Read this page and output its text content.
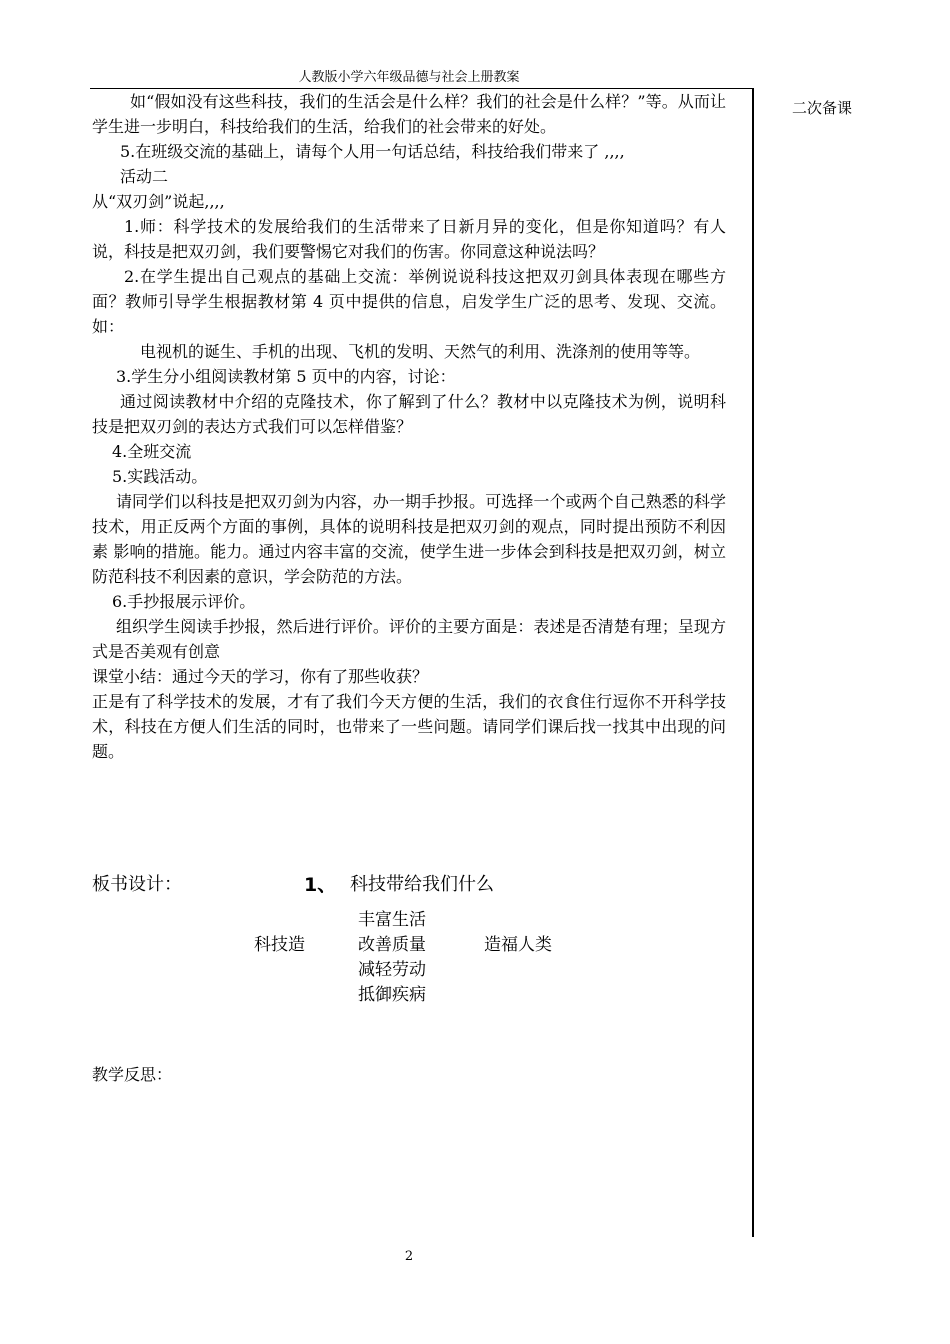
人教版小学六年级品德与社会上册教案
二次备课

如“假如没有这些科技，我们的生活会是什么样？我们的社会是什么样？”等。从而让学生进一步明白，科技给我们的生活，给我们的社会带来的好处。

5.在班级交流的基础上，请每个人用一句话总结，科技给我们带来了 ,,,,

活动二

从“双刃剑”说起,,,,

1.师：科学技术的发展给我们的生活带来了日新月异的变化，但是你知道吗？有人说，科技是把双刃剑，我们要警惕它对我们的伤害。你同意这种说法吗？

2.在学生提出自己观点的基础上交流：举例说说科技这把双刃剑具体表现在哪些方面？教师引导学生根据教材第 4 页中提供的信息，启发学生广泛的思考、发现、交流。如：

电视机的诞生、手机的出现、飞机的发明、天然气的利用、洗涤剂的使用等等。

3.学生分小组阅读教材第 5 页中的内容，讨论：

通过阅读教材中介绍的克隆技术，你了解到了什么？教材中以克隆技术为例，说明科技是把双刃剑的表达方式我们可以怎样借鉴？

4.全班交流

5.实践活动。

请同学们以科技是把双刃剑为内容，办一期手抄报。可选择一个或两个自己熟悉的科学技术，用正反两个方面的事例，具体的说明科技是把双刃剑的观点，同时提出预防不利因素 影响的措施。能力。通过内容丰富的交流，使学生进一步体会到科技是把双刃剑，树立防范科技不利因素的意识，学会防范的方法。

6.手抄报展示评价。

组织学生阅读手抄报，然后进行评价。评价的主要方面是：表述是否清楚有理；呈现方式是否美观有创意

课堂小结：通过今天的学习，你有了那些收获？

正是有了科学技术的发展，才有了我们今天方便的生活，我们的衣食住行逗你不开科学技术，科技在方便人们生活的同时，也带来了一些问题。请同学们课后找一找其中出现的问题。

板书设计：	1、 科技带给我们什么
丰富生活
科技造	改善质量	造福人类
减轻劳动
抵御疾病
教学反思：
2
